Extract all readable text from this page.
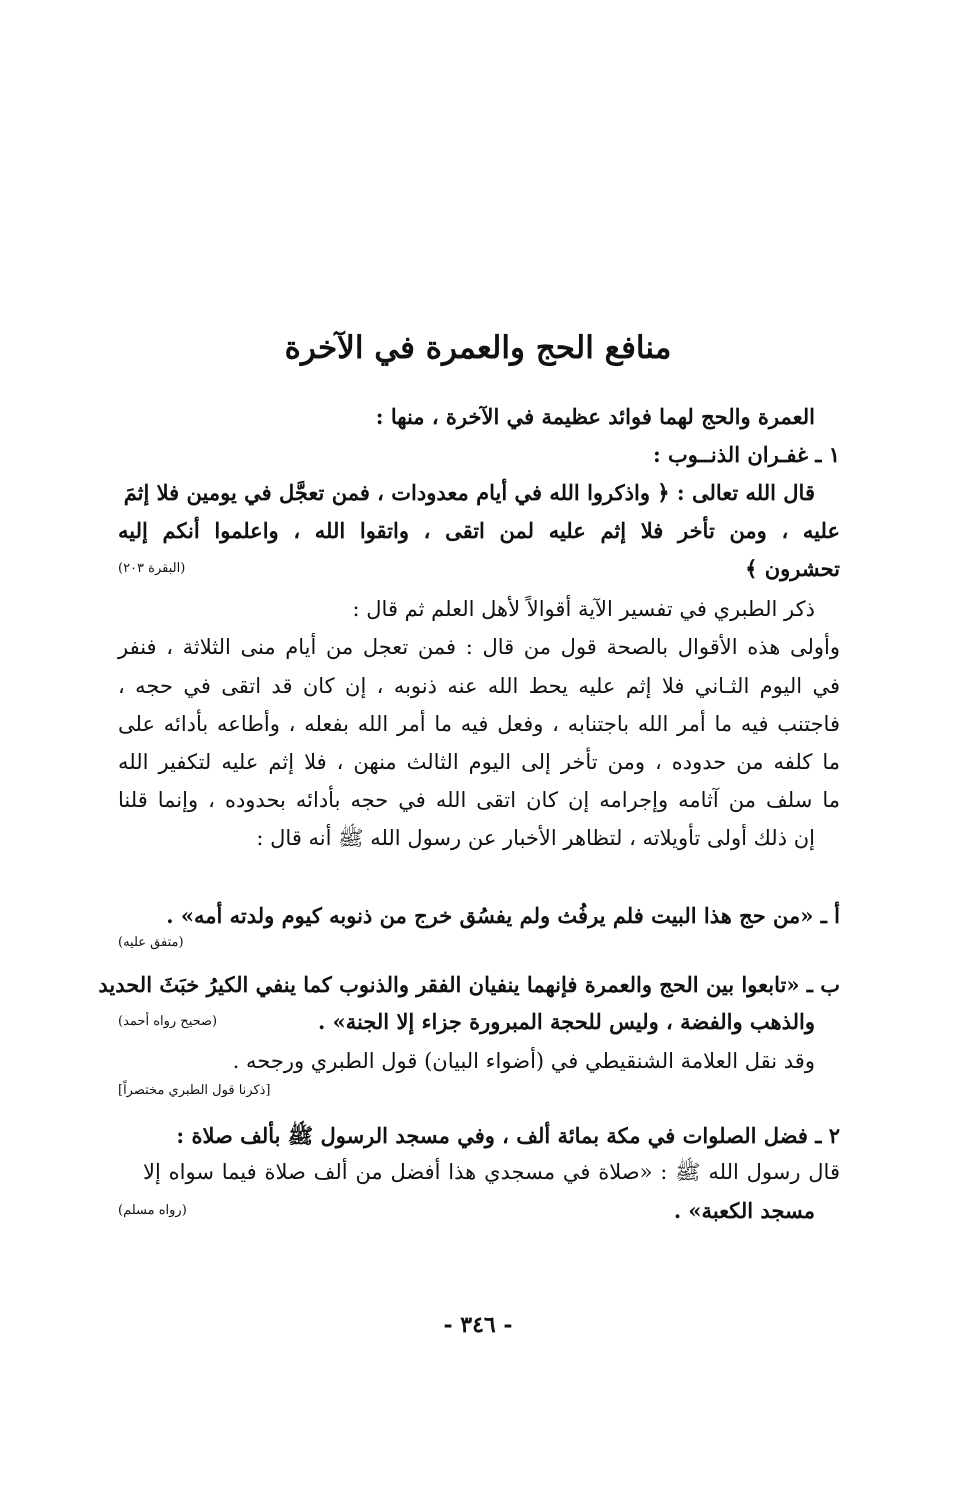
منافع الحج والعمرة في الآخرة
العمرة والحج لهما فوائد عظيمة في الآخرة ، منها :
١ ـ غفـران الذنــوب :
قال الله تعالى : ﴿ واذكروا الله في أيام معدودات ، فمن تعجَّل في يومين فلا إثمَ
عليه ، ومن تأخر فلا إثم عليه لمن اتقى ، واتقوا الله ، واعلموا أنكم إليه
تحشرون ﴾
(البقرة ٢٠٣)
ذكر الطبري في تفسير الآية أقوالاً لأهل العلم ثم قال :
وأولى هذه الأقوال بالصحة قول من قال : فمن تعجل من أيام منى الثلاثة ، فنفر
في اليوم الثـاني فلا إثم عليه يحط الله عنه ذنوبه ، إن كان قد اتقى في حجه ،
فاجتنب فيه ما أمر الله باجتنابه ، وفعل فيه ما أمر الله بفعله ، وأطاعه بأدائه على
ما كلفه من حدوده ، ومن تأخر إلى اليوم الثالث منهن ، فلا إثم عليه لتكفير الله
ما سلف من آثامه وإجرامه إن كان اتقى الله في حجه بأدائه بحدوده ، وإنما قلنا
إن ذلك أولى تأويلاته ، لتظاهر الأخبار عن رسول الله ﷺ أنه قال :
أ ـ «من حج هذا البيت فلم يرفُث ولم يفسُق خرج من ذنوبه كيوم ولدته أمه» .
(متفق عليه)
ب ـ «تابعوا بين الحج والعمرة فإنهما ينفيان الفقر والذنوب كما ينفي الكيرُ خبَثَ الحديد
والذهب والفضة ، وليس للحجة المبرورة جزاء إلا الجنة» .
(صحيح رواه أحمد)
وقد نقل العلامة الشنقيطي في (أضواء البيان) قول الطبري ورجحه .
[ذكرنا قول الطبري مختصراً]
٢ ـ فضل الصلوات في مكة بمائة ألف ، وفي مسجد الرسول ﷺ بألف صلاة :
قال رسول الله ﷺ : «صلاة في مسجدي هذا أفضل من ألف صلاة فيما سواه إلا
مسجد الكعبة» .
(رواه مسلم)
- ٣٤٦ -
